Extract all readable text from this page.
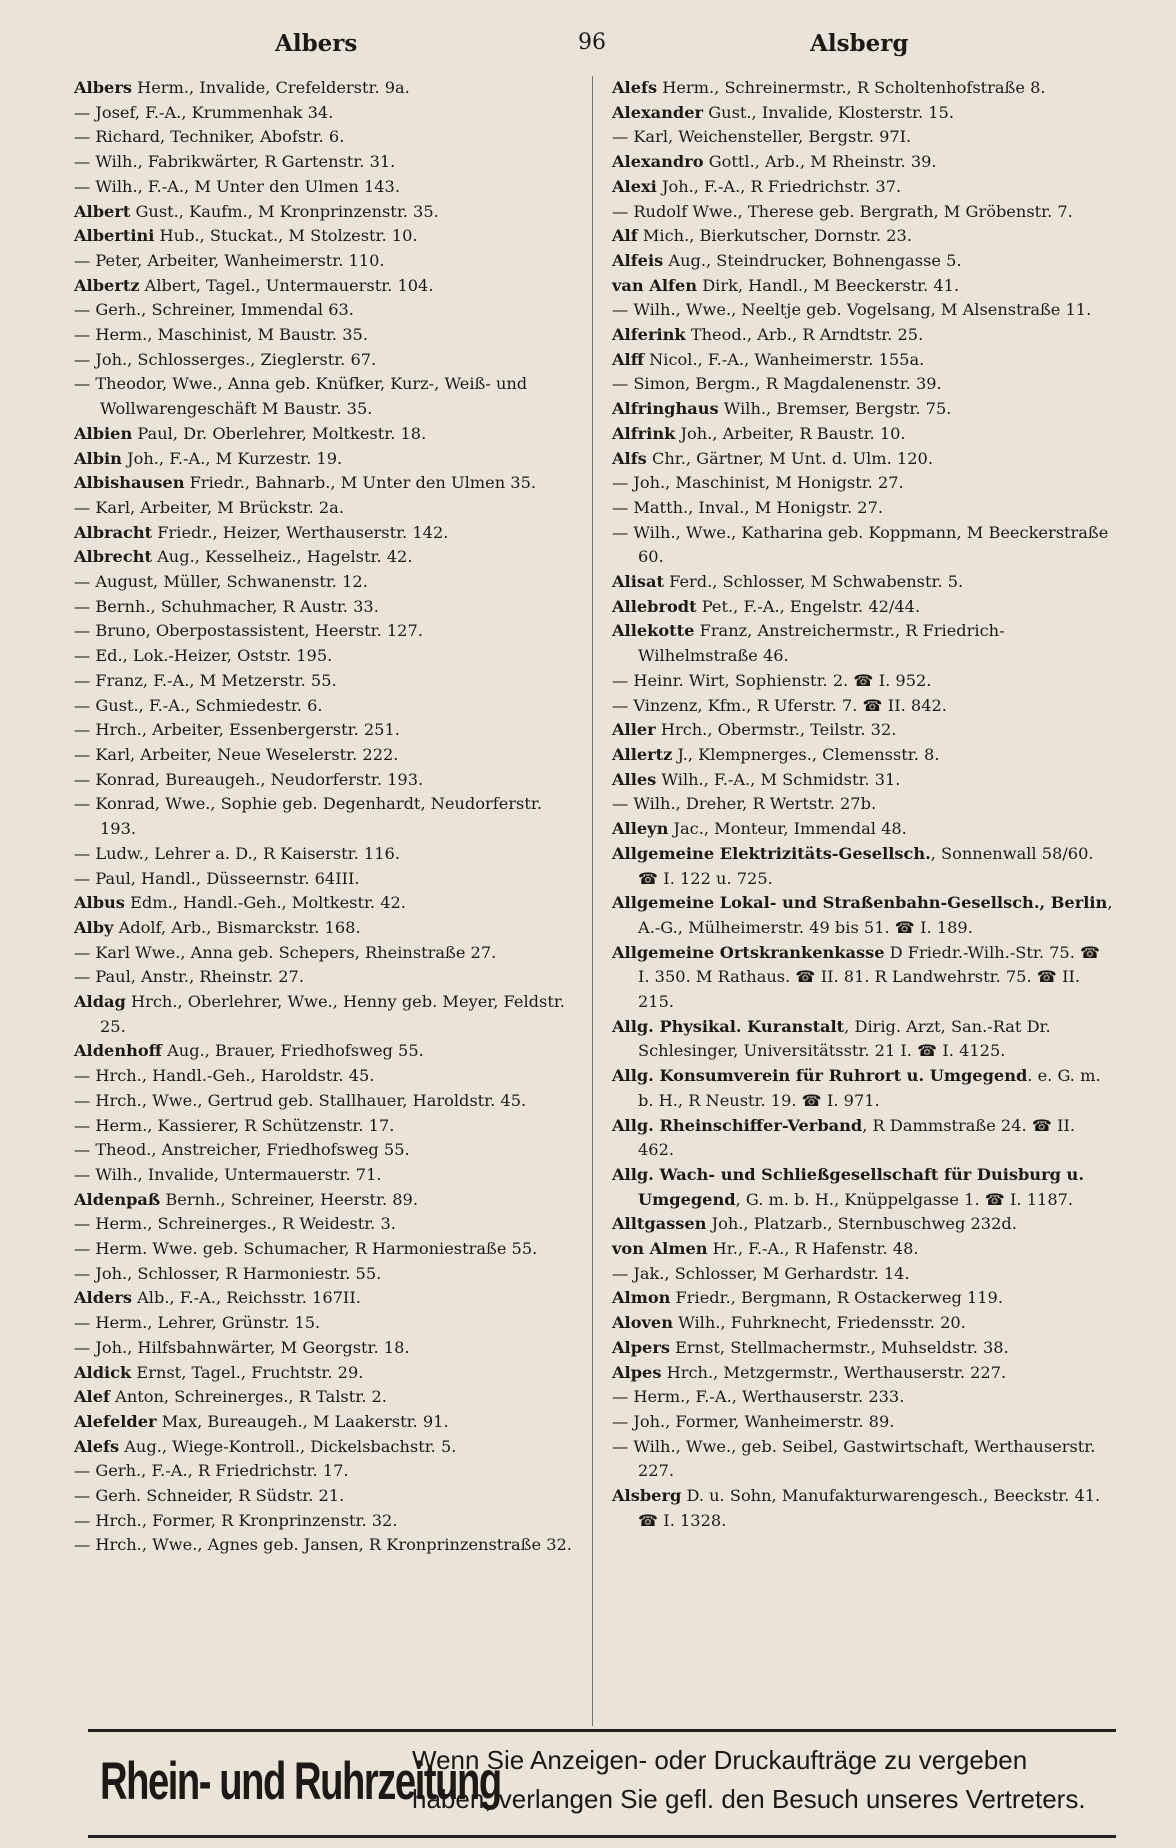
Albers	96	Alsberg
Albers Herm., Invalide, Crefelderstr. 9a.
— Josef, F.-A., Krummenhak 34.
— Richard, Techniker, Abofstr. 6.
— Wilh., Fabrikwärter, R Gartenstr. 31.
— Wilh., F.-A., M Unter den Ulmen 143.
Albert Gust., Kaufm., M Kronprinzenstr. 35.
Albertini Hub., Stuckat., M Stolzestr. 10.
— Peter, Arbeiter, Wanheimerstr. 110.
Albertz Albert, Tagel., Untermauerstr. 104.
— Gerh., Schreiner, Immendal 63.
— Herm., Maschinist, M Baustr. 35.
— Joh., Schlosserges., Zieglerstr. 67.
— Theodor, Wwe., Anna geb. Knüfker, Kurz-, Weiß- und Wollwarengeschäft M Baustr. 35.
Albien Paul, Dr. Oberlehrer, Moltkestr. 18.
Albin Joh., F.-A., M Kurzestr. 19.
Albishausen Friedr., Bahnarb., M Unter den Ulmen 35.
— Karl, Arbeiter, M Brückstr. 2a.
Albracht Friedr., Heizer, Werthauserstr. 142.
Albrecht Aug., Kesselheiz., Hagelstr. 42.
— August, Müller, Schwanenstr. 12.
— Bernh., Schuhmacher, R Austr. 33.
— Bruno, Oberpostassistent, Heerstr. 127.
— Ed., Lok.-Heizer, Oststr. 195.
— Franz, F.-A., M Metzerstr. 55.
— Gust., F.-A., Schmiedestr. 6.
— Hrch., Arbeiter, Essenbergerstr. 251.
— Karl, Arbeiter, Neue Weselerstr. 222.
— Konrad, Bureaugeh., Neudorferstr. 193.
— Konrad, Wwe., Sophie geb. Degenhardt, Neudorferstr. 193.
— Ludw., Lehrer a. D., R Kaiserstr. 116.
— Paul, Handl., Düsseernstr. 64III.
Albus Edm., Handl.-Geh., Moltkestr. 42.
Alby Adolf, Arb., Bismarckstr. 168.
— Karl Wwe., Anna geb. Schepers, Rheinstraße 27.
— Paul, Anstr., Rheinstr. 27.
Aldag Hrch., Oberlehrer, Wwe., Henny geb. Meyer, Feldstr. 25.
Aldenhoff Aug., Brauer, Friedhofsweg 55.
— Hrch., Handl.-Geh., Haroldstr. 45.
— Hrch., Wwe., Gertrud geb. Stallhauer, Haroldstr. 45.
— Herm., Kassierer, R Schützenstr. 17.
— Theod., Anstreicher, Friedhofsweg 55.
— Wilh., Invalide, Untermauerstr. 71.
Aldenpaß Bernh., Schreiner, Heerstr. 89.
— Herm., Schreinerges., R Weidestr. 3.
— Herm. Wwe. geb. Schumacher, R Harmoniestraße 55.
— Joh., Schlosser, R Harmoniestr. 55.
Alders Alb., F.-A., Reichsstr. 167II.
— Herm., Lehrer, Grünstr. 15.
— Joh., Hilfsbahnwärter, M Georgstr. 18.
Aldick Ernst, Tagel., Fruchtstr. 29.
Alef Anton, Schreinerges., R Talstr. 2.
Alefelder Max, Bureaugeh., M Laakerstr. 91.
Alefs Aug., Wiege-Kontroll., Dickelsbachstr. 5.
— Gerh., F.-A., R Friedrichstr. 17.
— Gerh. Schneider, R Südstr. 21.
— Hrch., Former, R Kronprinzenstr. 32.
— Hrch., Wwe., Agnes geb. Jansen, R Kronprinzenstraße 32.
Alefs Herm., Schreinermstr., R Scholtenhofstraße 8.
Alexander Gust., Invalide, Klosterstr. 15.
— Karl, Weichensteller, Bergstr. 97I.
Alexandro Gottl., Arb., M Rheinstr. 39.
Alexi Joh., F.-A., R Friedrichstr. 37.
— Rudolf Wwe., Therese geb. Bergrath, M Gröbenstr. 7.
Alf Mich., Bierkutscher, Dornstr. 23.
Alfeis Aug., Steindrucker, Bohnengasse 5.
van Alfen Dirk, Handl., M Beeckerstr. 41.
— Wilh., Wwe., Neeltje geb. Vogelsang, M Alsenstraße 11.
Alferink Theod., Arb., R Arndtstr. 25.
Alff Nicol., F.-A., Wanheimerstr. 155a.
— Simon, Bergm., R Magdalenenstr. 39.
Alfringhaus Wilh., Bremser, Bergstr. 75.
Alfrink Joh., Arbeiter, R Baustr. 10.
Alfs Chr., Gärtner, M Unt. d. Ulm. 120.
— Joh., Maschinist, M Honigstr. 27.
— Matth., Inval., M Honigstr. 27.
— Wilh., Wwe., Katharina geb. Koppmann, M Beeckerstraße 60.
Alisat Ferd., Schlosser, M Schwabenstr. 5.
Allebrodt Pet., F.-A., Engelstr. 42/44.
Allekotte Franz, Anstreichermstr., R Friedrich-Wilhelmstraße 46.
— Heinr. Wirt, Sophienstr. 2. ☎ I. 952.
— Vinzenz, Kfm., R Uferstr. 7. ☎ II. 842.
Aller Hrch., Obermstr., Teilstr. 32.
Allertz J., Klempnerges., Clemensstr. 8.
Alles Wilh., F.-A., M Schmidstr. 31.
— Wilh., Dreher, R Wertstr. 27b.
Alleyn Jac., Monteur, Immendal 48.
Allgemeine Elektrizitäts-Gesellsch., Sonnenwall 58/60. ☎ I. 122 u. 725.
Allgemeine Lokal- und Straßenbahn-Gesellsch., Berlin, A.-G., Mülheimerstr. 49 bis 51. ☎ I. 189.
Allgemeine Ortskrankenkasse D Friedr.-Wilh.-Str. 75. ☎ I. 350. M Rathaus. ☎ II. 81. R Landwehrstr. 75. ☎ II. 215.
Allg. Physikal. Kuranstalt, Dirig. Arzt, San.-Rat Dr. Schlesinger, Universitätsstr. 21 I. ☎ I. 4125.
Allg. Konsumverein für Ruhrort u. Umgegend. e. G. m. b. H., R Neustr. 19. ☎ I. 971.
Allg. Rheinschiffer-Verband, R Dammstraße 24. ☎ II. 462.
Allg. Wach- und Schließgesellschaft für Duisburg u. Umgegend, G. m. b. H., Knüppelgasse 1. ☎ I. 1187.
Alltgassen Joh., Platzarb., Sternbuschweg 232d.
von Almen Hr., F.-A., R Hafenstr. 48.
— Jak., Schlosser, M Gerhardstr. 14.
Almon Friedr., Bergmann, R Ostackerweg 119.
Aloven Wilh., Fuhrknecht, Friedensstr. 20.
Alpers Ernst, Stellmachermstr., Muhseldstr. 38.
Alpes Hrch., Metzgermstr., Werthauserstr. 227.
— Herm., F.-A., Werthauserstr. 233.
— Joh., Former, Wanheimerstr. 89.
— Wilh., Wwe., geb. Seibel, Gastwirtschaft, Werthauserstr. 227.
Alsberg D. u. Sohn, Manufakturwarengesch., Beeckstr. 41. ☎ I. 1328.
Rhein- und Ruhrzeitung
Wenn Sie Anzeigen- oder Druckaufträge zu vergeben
haben, verlangen Sie gefl. den Besuch unseres Vertreters.
